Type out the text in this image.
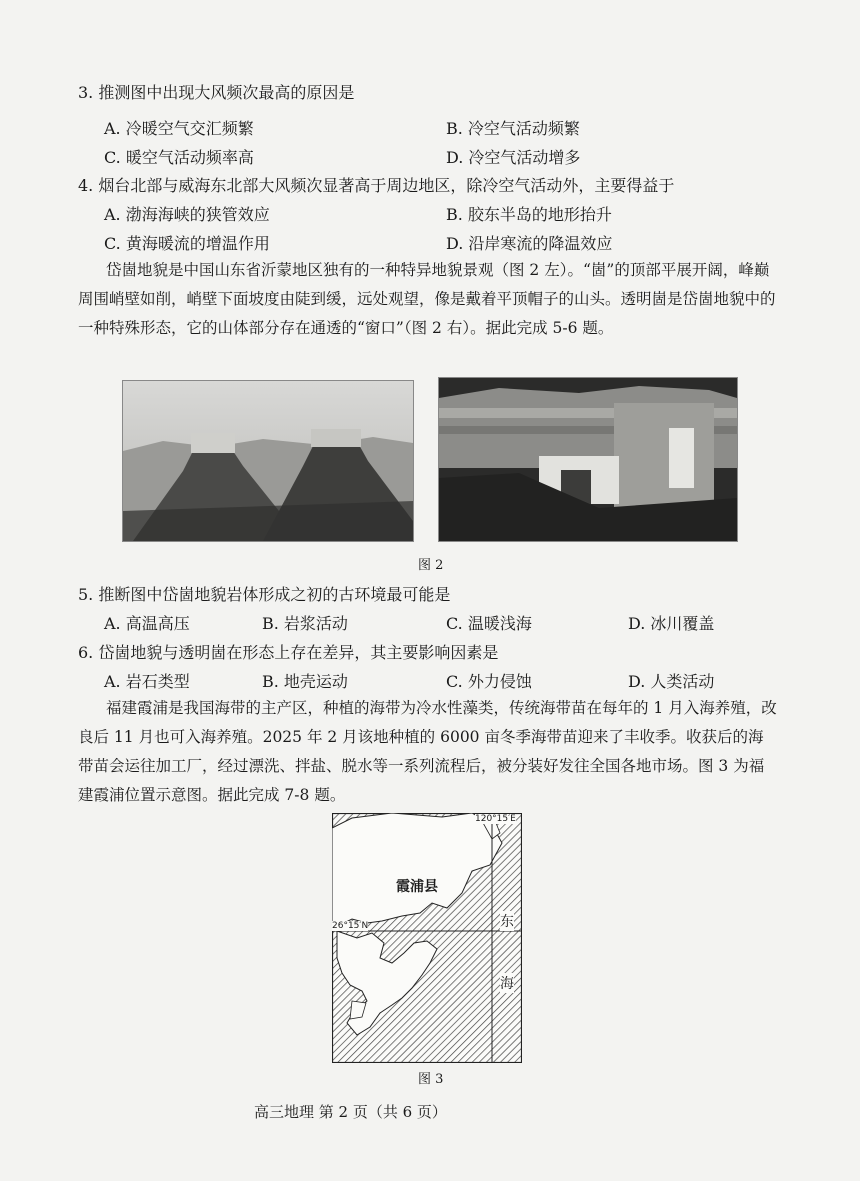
3. 推测图中出现大风频次最高的原因是
A. 冷暖空气交汇频繁	B. 冷空气活动频繁
C. 暖空气活动频率高	D. 冷空气活动增多
4. 烟台北部与威海东北部大风频次显著高于周边地区，除冷空气活动外，主要得益于
A. 渤海海峡的狭管效应	B. 胶东半岛的地形抬升
C. 黄海暖流的增温作用	D. 沿岸寒流的降温效应
岱崮地貌是中国山东省沂蒙地区独有的一种特异地貌景观（图 2 左）。“崮”的顶部平展开阔，峰巅周围峭壁如削，峭壁下面坡度由陡到缓，远处观望，像是戴着平顶帽子的山头。透明崮是岱崮地貌中的一种特殊形态，它的山体部分存在通透的“窗口”（图 2 右）。据此完成 5-6 题。
图 2
5. 推断图中岱崮地貌岩体形成之初的古环境最可能是
A. 高温高压	B. 岩浆活动	C. 温暖浅海	D. 冰川覆盖
6. 岱崮地貌与透明崮在形态上存在差异，其主要影响因素是
A. 岩石类型	B. 地壳运动	C. 外力侵蚀	D. 人类活动
福建霞浦是我国海带的主产区，种植的海带为冷水性藻类，传统海带苗在每年的 1 月入海养殖，改良后 11 月也可入海养殖。2025 年 2 月该地种植的 6000 亩冬季海带苗迎来了丰收季。收获后的海带苗会运往加工厂，经过漂洗、拌盐、脱水等一系列流程后，被分装好发往全国各地市场。图 3 为福建霞浦位置示意图。据此完成 7-8 题。
120°15′E
26°15′N
霞浦县
东
海
图 3
高三地理 第 2 页（共 6 页）
